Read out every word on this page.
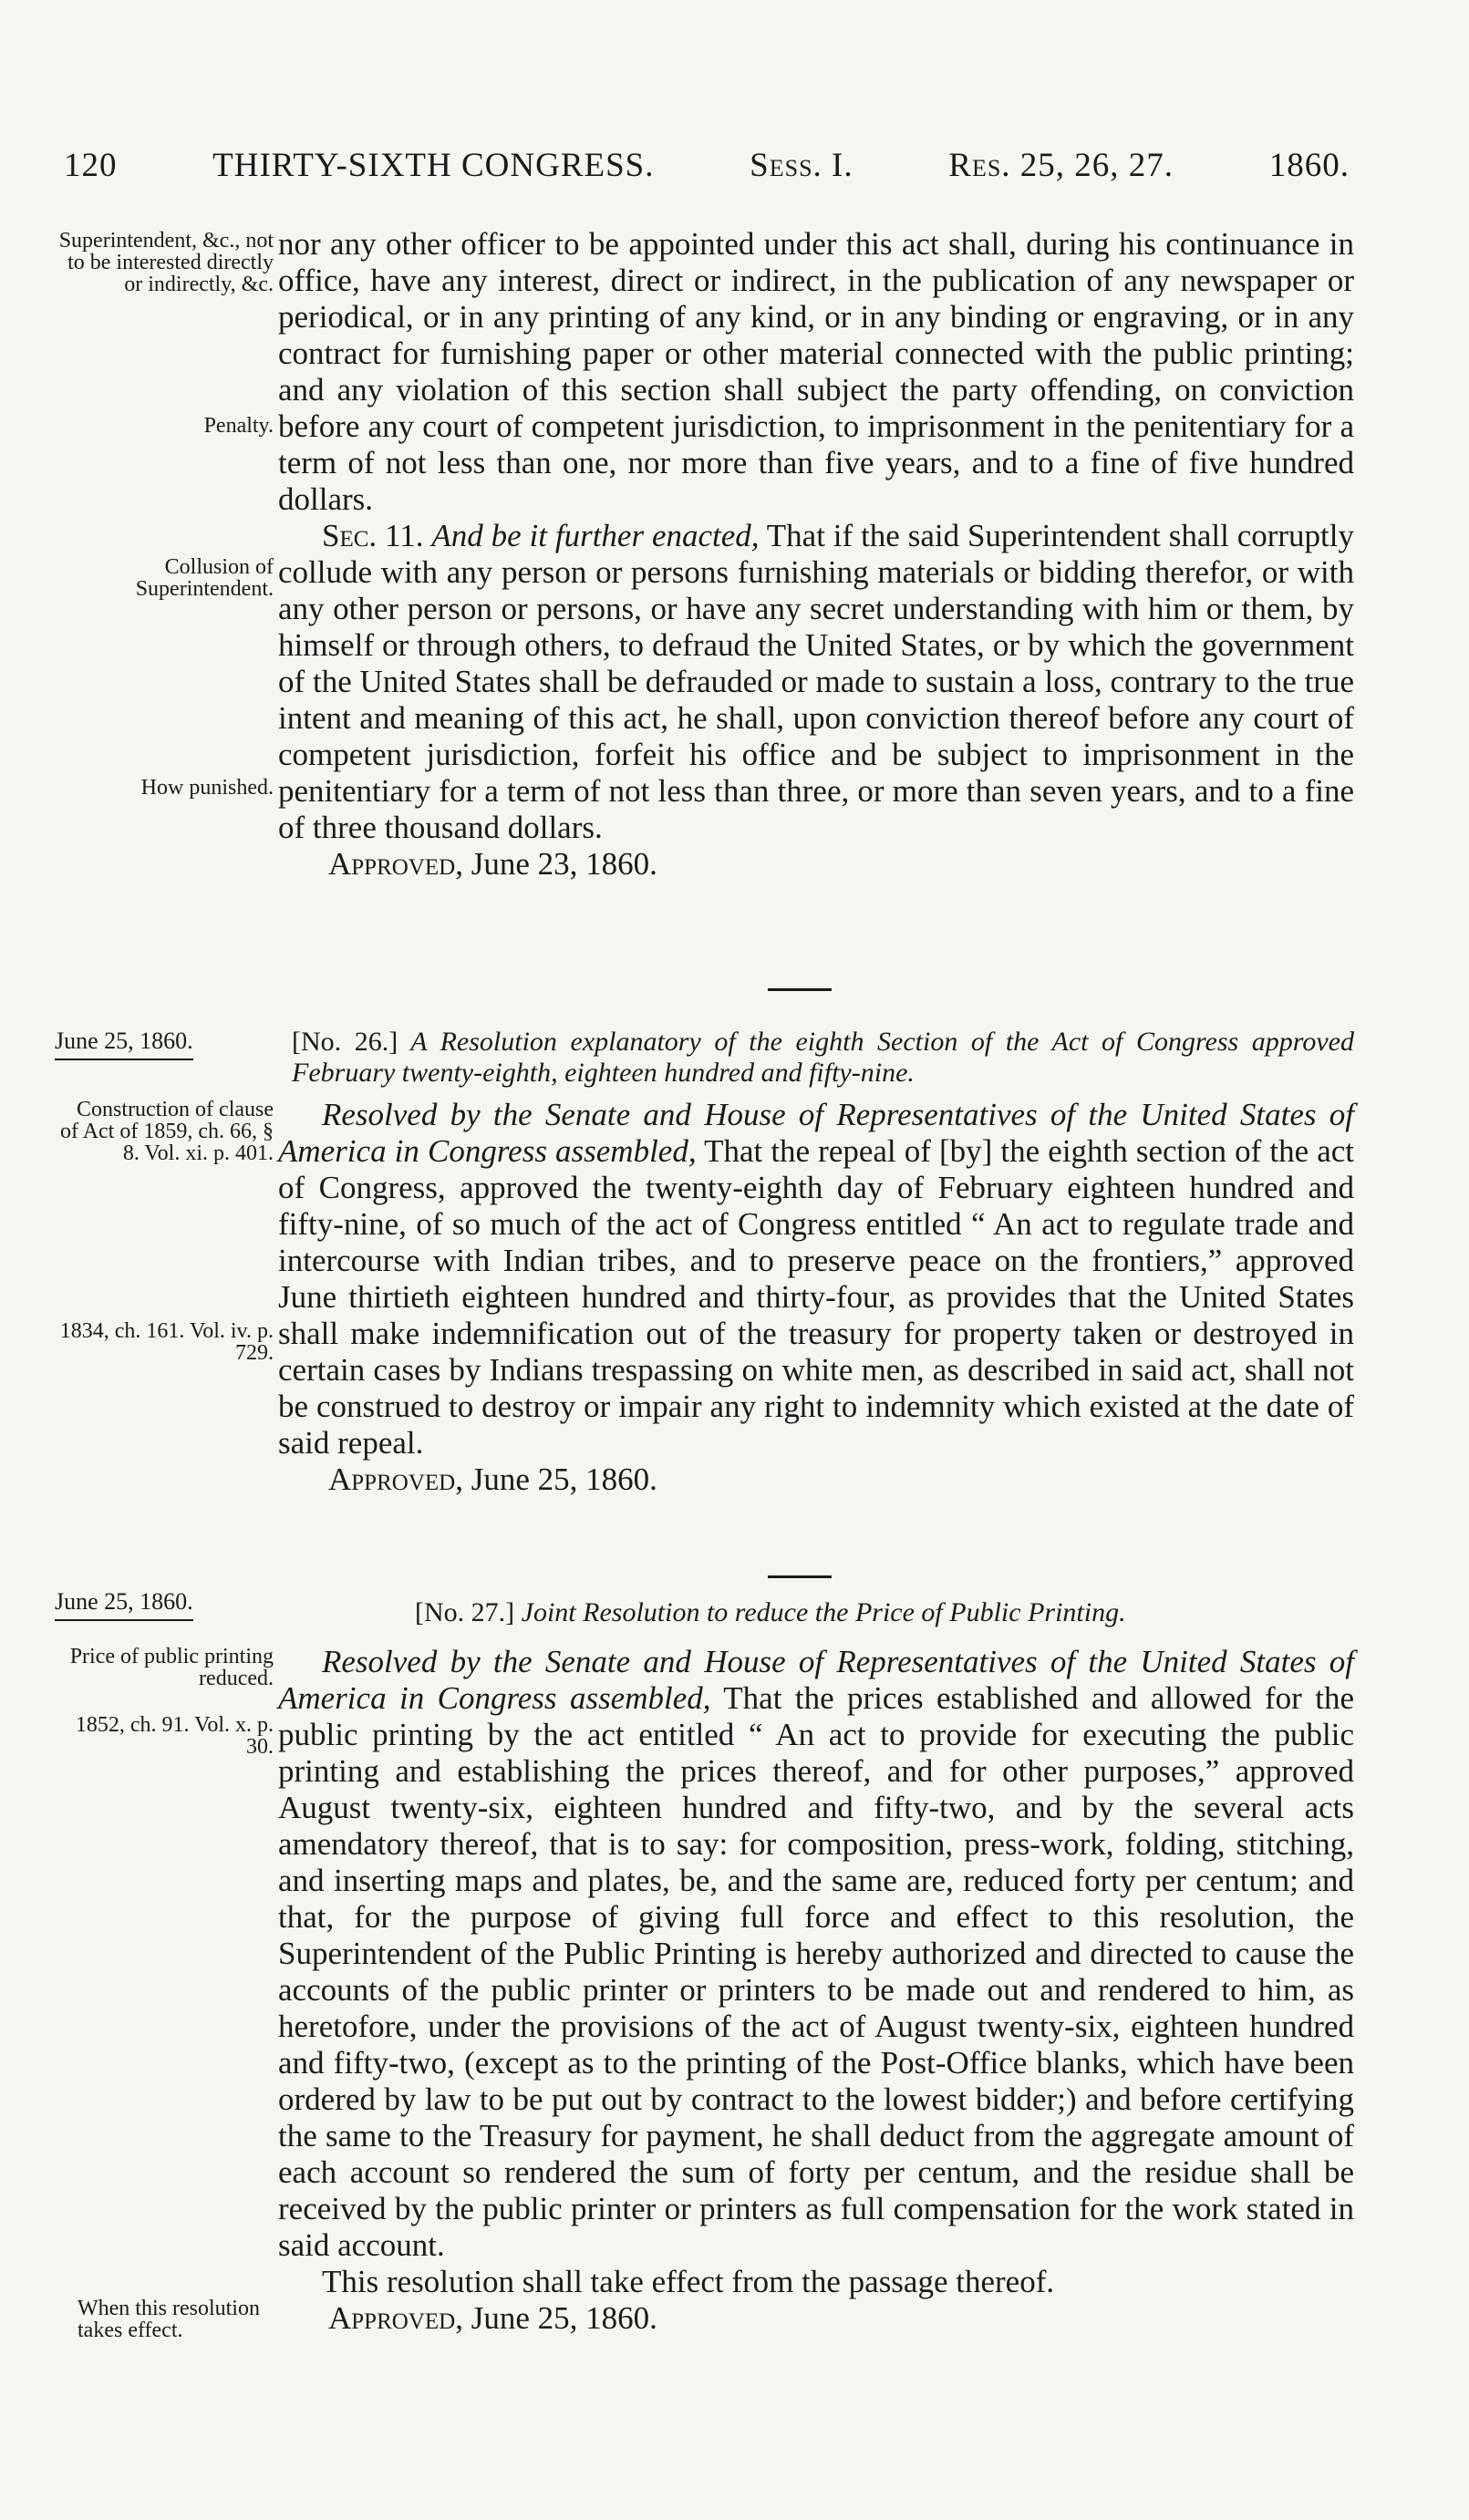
120	THIRTY-SIXTH CONGRESS.	Sess. I.	Res. 25, 26, 27.	1860.
Superintendent, &c., not to be interested directly or indirectly, &c.
Penalty.
Collusion of Superintendent.
How punished.

nor any other officer to be appointed under this act shall, during his continuance in office, have any interest, direct or indirect, in the publication of any newspaper or periodical, or in any printing of any kind, or in any binding or engraving, or in any contract for furnishing paper or other material connected with the public printing; and any violation of this section shall subject the party offending, on conviction before any court of competent jurisdiction, to imprisonment in the penitentiary for a term of not less than one, nor more than five years, and to a fine of five hundred dollars.

Sec. 11. And be it further enacted, That if the said Superintendent shall corruptly collude with any person or persons furnishing materials or bidding therefor, or with any other person or persons, or have any secret understanding with him or them, by himself or through others, to defraud the United States, or by which the government of the United States shall be defrauded or made to sustain a loss, contrary to the true intent and meaning of this act, he shall, upon conviction thereof before any court of competent jurisdiction, forfeit his office and be subject to imprisonment in the penitentiary for a term of not less than three, or more than seven years, and to a fine of three thousand dollars.

Approved, June 23, 1860.

June 25, 1860.	[No. 26.] A Resolution explanatory of the eighth Section of the Act of Congress approved February twenty-eighth, eighteen hundred and fifty-nine.
Construction of clause of Act of 1859, ch. 66, § 8. Vol. xi. p. 401.
1834, ch. 161. Vol. iv. p. 729.

Resolved by the Senate and House of Representatives of the United States of America in Congress assembled, That the repeal of [by] the eighth section of the act of Congress, approved the twenty-eighth day of February eighteen hundred and fifty-nine, of so much of the act of Congress entitled “ An act to regulate trade and intercourse with Indian tribes, and to preserve peace on the frontiers,” approved June thirtieth eighteen hundred and thirty-four, as provides that the United States shall make indemnification out of the treasury for property taken or destroyed in certain cases by Indians trespassing on white men, as described in said act, shall not be construed to destroy or impair any right to indemnity which existed at the date of said repeal.

Approved, June 25, 1860.

June 25, 1860.	[No. 27.] Joint Resolution to reduce the Price of Public Printing.
Price of public printing reduced.
1852, ch. 91. Vol. x. p. 30.
When this resolution takes effect.

Resolved by the Senate and House of Representatives of the United States of America in Congress assembled, That the prices established and allowed for the public printing by the act entitled “ An act to provide for executing the public printing and establishing the prices thereof, and for other purposes,” approved August twenty-six, eighteen hundred and fifty-two, and by the several acts amendatory thereof, that is to say: for composition, press-work, folding, stitching, and inserting maps and plates, be, and the same are, reduced forty per centum; and that, for the purpose of giving full force and effect to this resolution, the Superintendent of the Public Printing is hereby authorized and directed to cause the accounts of the public printer or printers to be made out and rendered to him, as heretofore, under the provisions of the act of August twenty-six, eighteen hundred and fifty-two, (except as to the printing of the Post-Office blanks, which have been ordered by law to be put out by contract to the lowest bidder;) and before certifying the same to the Treasury for payment, he shall deduct from the aggregate amount of each account so rendered the sum of forty per centum, and the residue shall be received by the public printer or printers as full compensation for the work stated in said account.

This resolution shall take effect from the passage thereof.

Approved, June 25, 1860.
